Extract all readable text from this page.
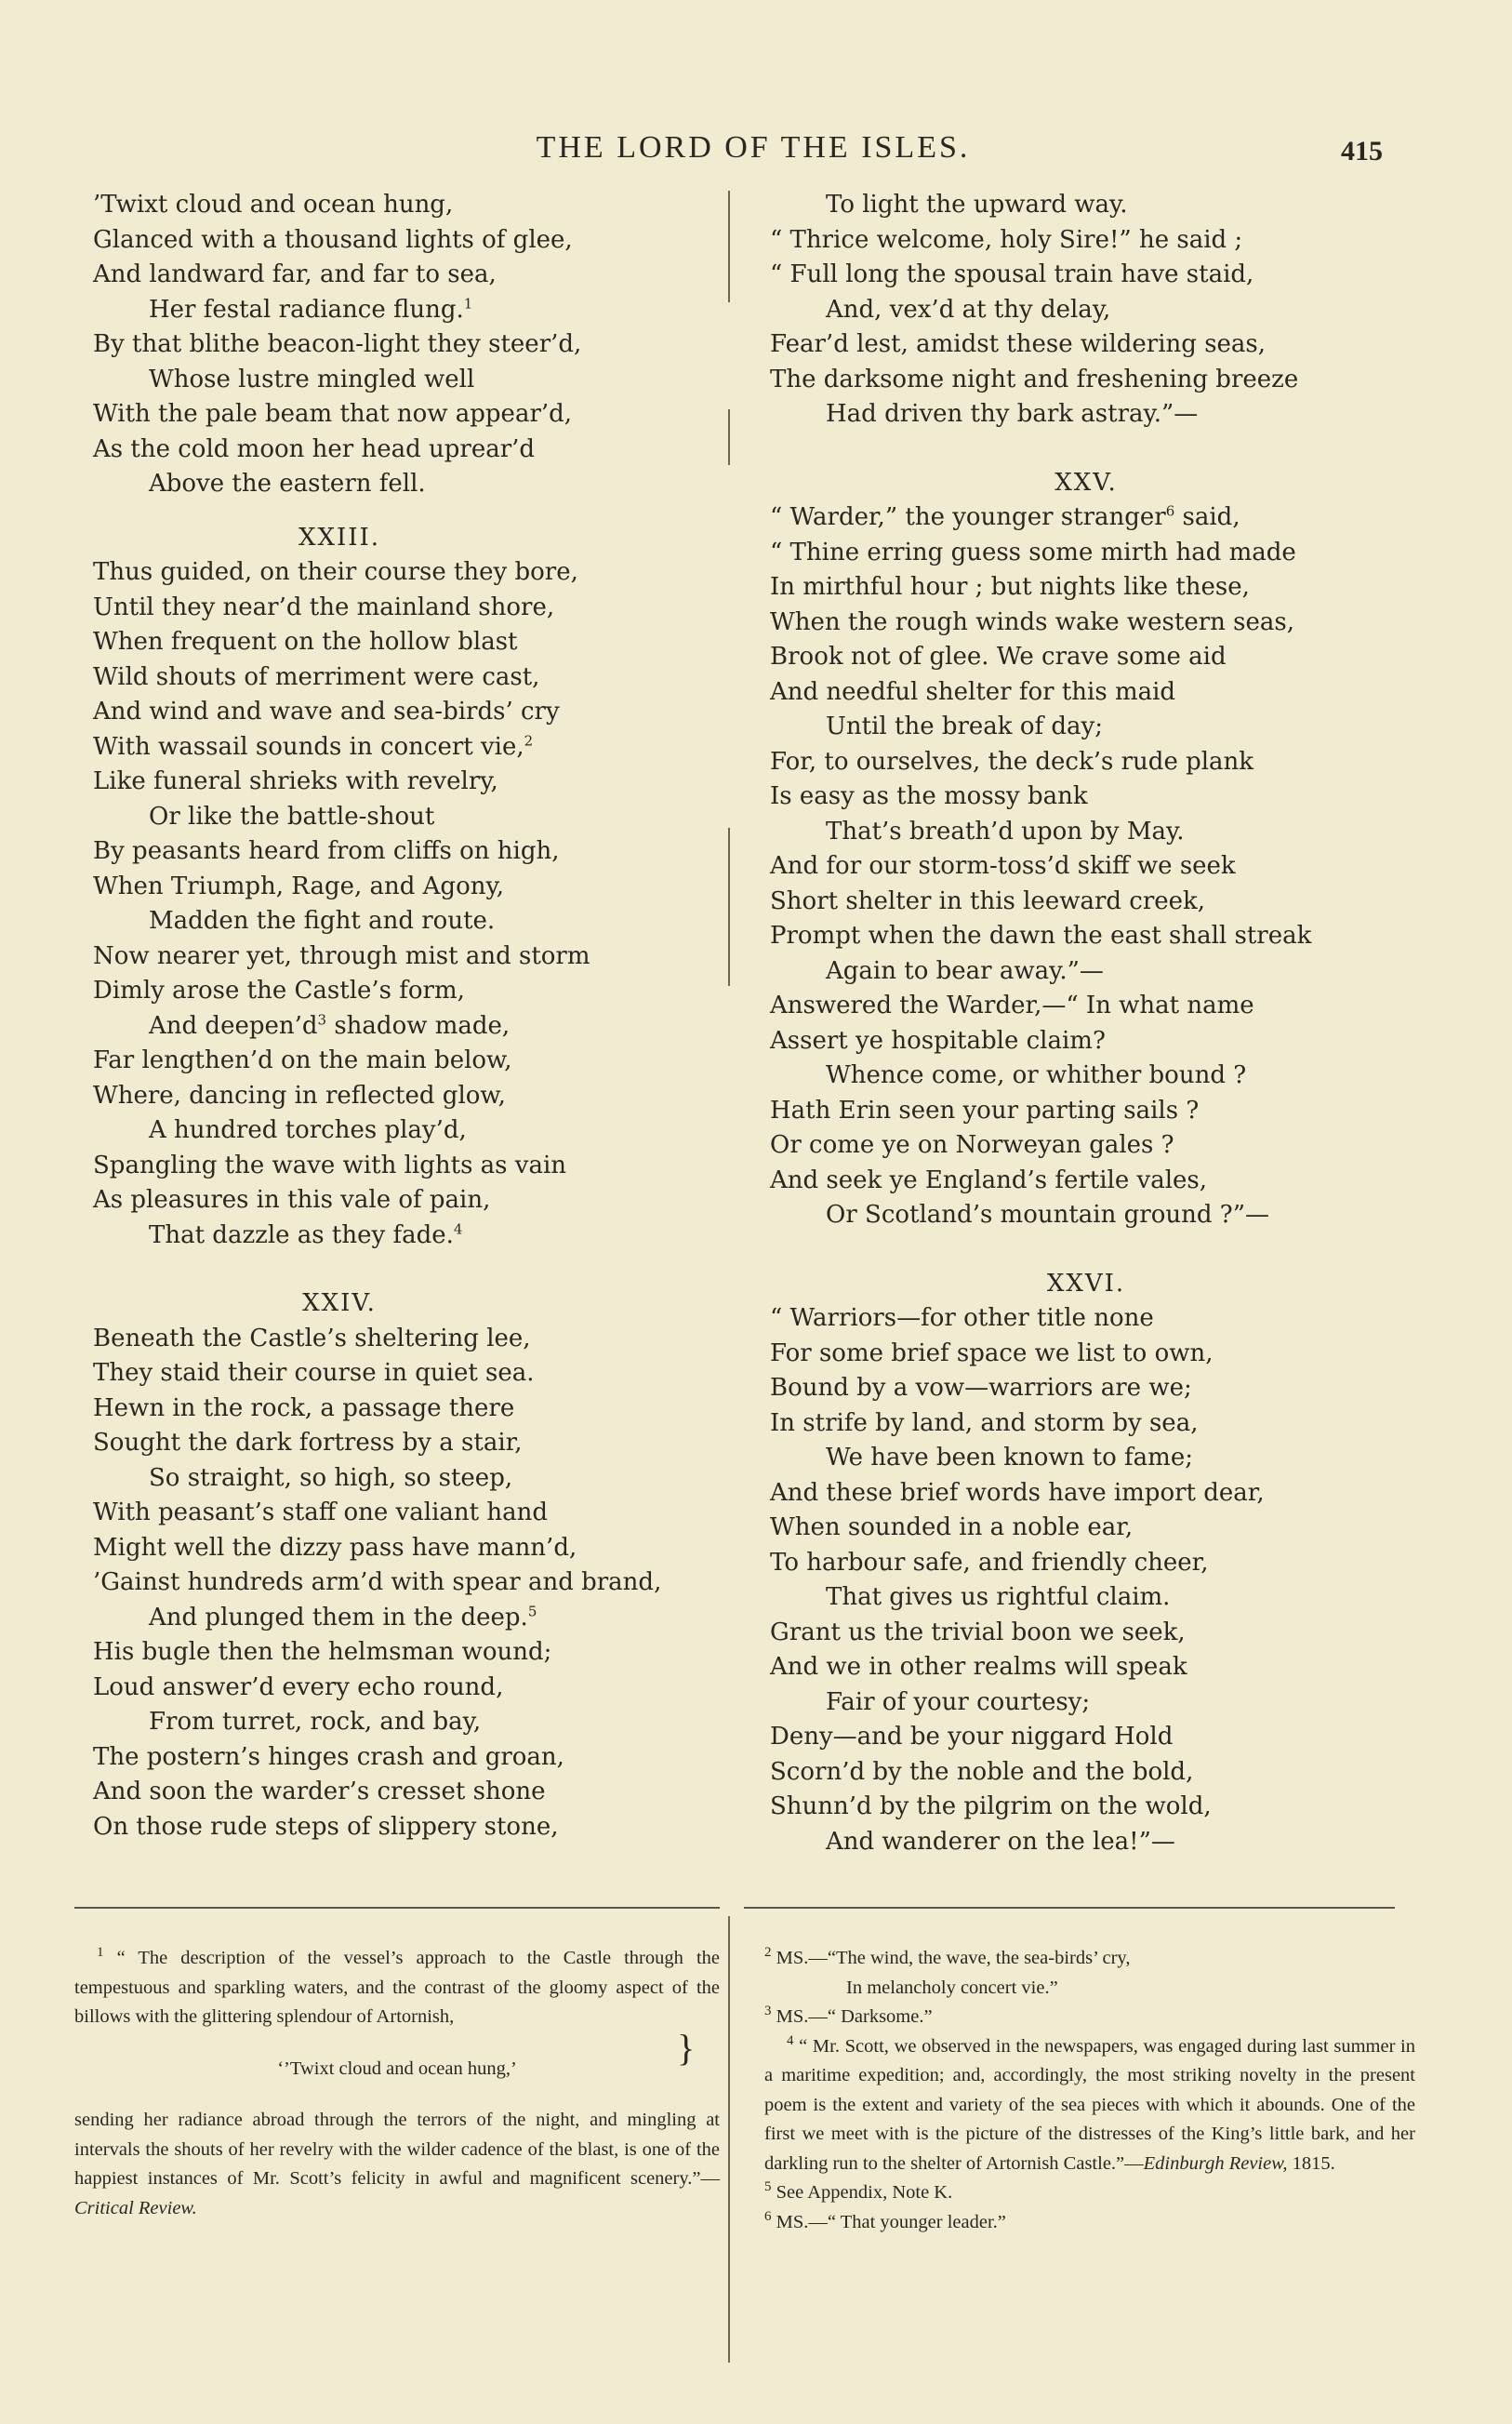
THE LORD OF THE ISLES.	415
’Twixt cloud and ocean hung,
Glanced with a thousand lights of glee,
And landward far, and far to sea,
Her festal radiance flung.$^1$
By that blithe beacon-light they steer’d,
Whose lustre mingled well
With the pale beam that now appear’d,
As the cold moon her head uprear’d
Above the eastern fell.
XXIII.
Thus guided, on their course they bore,
Until they near’d the mainland shore,
When frequent on the hollow blast
Wild shouts of merriment were cast,
And wind and wave and sea-birds’ cry
With wassail sounds in concert vie,$^2$
Like funeral shrieks with revelry,
Or like the battle-shout
By peasants heard from cliffs on high,
When Triumph, Rage, and Agony,
Madden the fight and route.
Now nearer yet, through mist and storm
Dimly arose the Castle’s form,
And $deepen’d^3$ shadow made,
Far lengthen’d on the main below,
Where, dancing in reflected glow,
A hundred torches play’d,
Spangling the wave with lights as vain
As pleasures in this vale of pain,
That dazzle as they fade.$^4$
XXIV.
Beneath the Castle’s sheltering lee,
They staid their course in quiet sea.
Hewn in the rock, a passage there
Sought the dark fortress by a stair,
So straight, so high, so steep,
With peasant’s staff one valiant hand
Might well the dizzy pass have mann’d,
’Gainst hundreds arm’d with spear and brand,
And plunged them in the deep.$^5$
His bugle then the helmsman wound;
Loud answer’d every echo round,
From turret, rock, and bay,
The postern’s hinges crash and groan,
And soon the warder’s cresset shone
On those rude steps of slippery stone,
To light the upward way.
“ Thrice welcome, holy Sire!” he said ;
“ Full long the spousal train have staid,
And, vex’d at thy delay,
Fear’d lest, amidst these wildering seas,
The darksome night and freshening breeze
Had driven thy bark astray.”—
XXV.
“ Warder,” the younger stranger$^6$ said,
“ Thine erring guess some mirth had made
In mirthful hour ; but nights like these,
When the rough winds wake western seas,
Brook not of glee. We crave some aid
And needful shelter for this maid
Until the break of day;
For, to ourselves, the deck’s rude plank
Is easy as the mossy bank
That’s breath’d upon by May.
And for our storm-toss’d skiff we seek
Short shelter in this leeward creek,
Prompt when the dawn the east shall streak
Again to bear away.”—
Answered the Warder,—“ In what name
Assert ye hospitable claim?
Whence come, or whither bound ?
Hath Erin seen your parting sails ?
Or come ye on Norweyan gales ?
And seek ye England’s fertile vales,
Or Scotland’s mountain ground ?”—
XXVI.
“ Warriors—for other title none
For some brief space we list to own,
Bound by a vow—warriors are we;
In strife by land, and storm by sea,
We have been known to fame;
And these brief words have import dear,
When sounded in a noble ear,
To harbour safe, and friendly cheer,
That gives us rightful claim.
Grant us the trivial boon we seek,
And we in other realms will speak
Fair of your courtesy;
Deny—and be your niggard Hold
Scorn’d by the noble and the bold,
Shunn’d by the pilgrim on the wold,
And wanderer on the lea!”—

$^1$ “ The description of the vessel’s approach to the Castle through the tempestuous and sparkling waters, and the contrast of the gloomy aspect of the billows with the glittering splendour of Artornish,

}

‘’Twixt cloud and ocean hung,’

sending her radiance abroad through the terrors of the night, and mingling at intervals the shouts of her revelry with the wilder cadence of the blast, is one of the happiest instances of Mr. Scott’s felicity in awful and magnificent scenery.”—Critical Review.

$^2$ MS.—“The wind, the wave, the sea-birds’ cry,

In melancholy concert vie.”

$^3$ MS.—“ Darksome.”

$^4$ “ Mr. Scott, we observed in the newspapers, was engaged during last summer in a maritime expedition; and, accordingly, the most striking novelty in the present poem is the extent and variety of the sea pieces with which it abounds. One of the first we meet with is the picture of the distresses of the King’s little bark, and her darkling run to the shelter of Artornish Castle.”—Edinburgh Review, 1815.

$^5$ See Appendix, Note K.

$^6$ MS.—“ That younger leader.”
